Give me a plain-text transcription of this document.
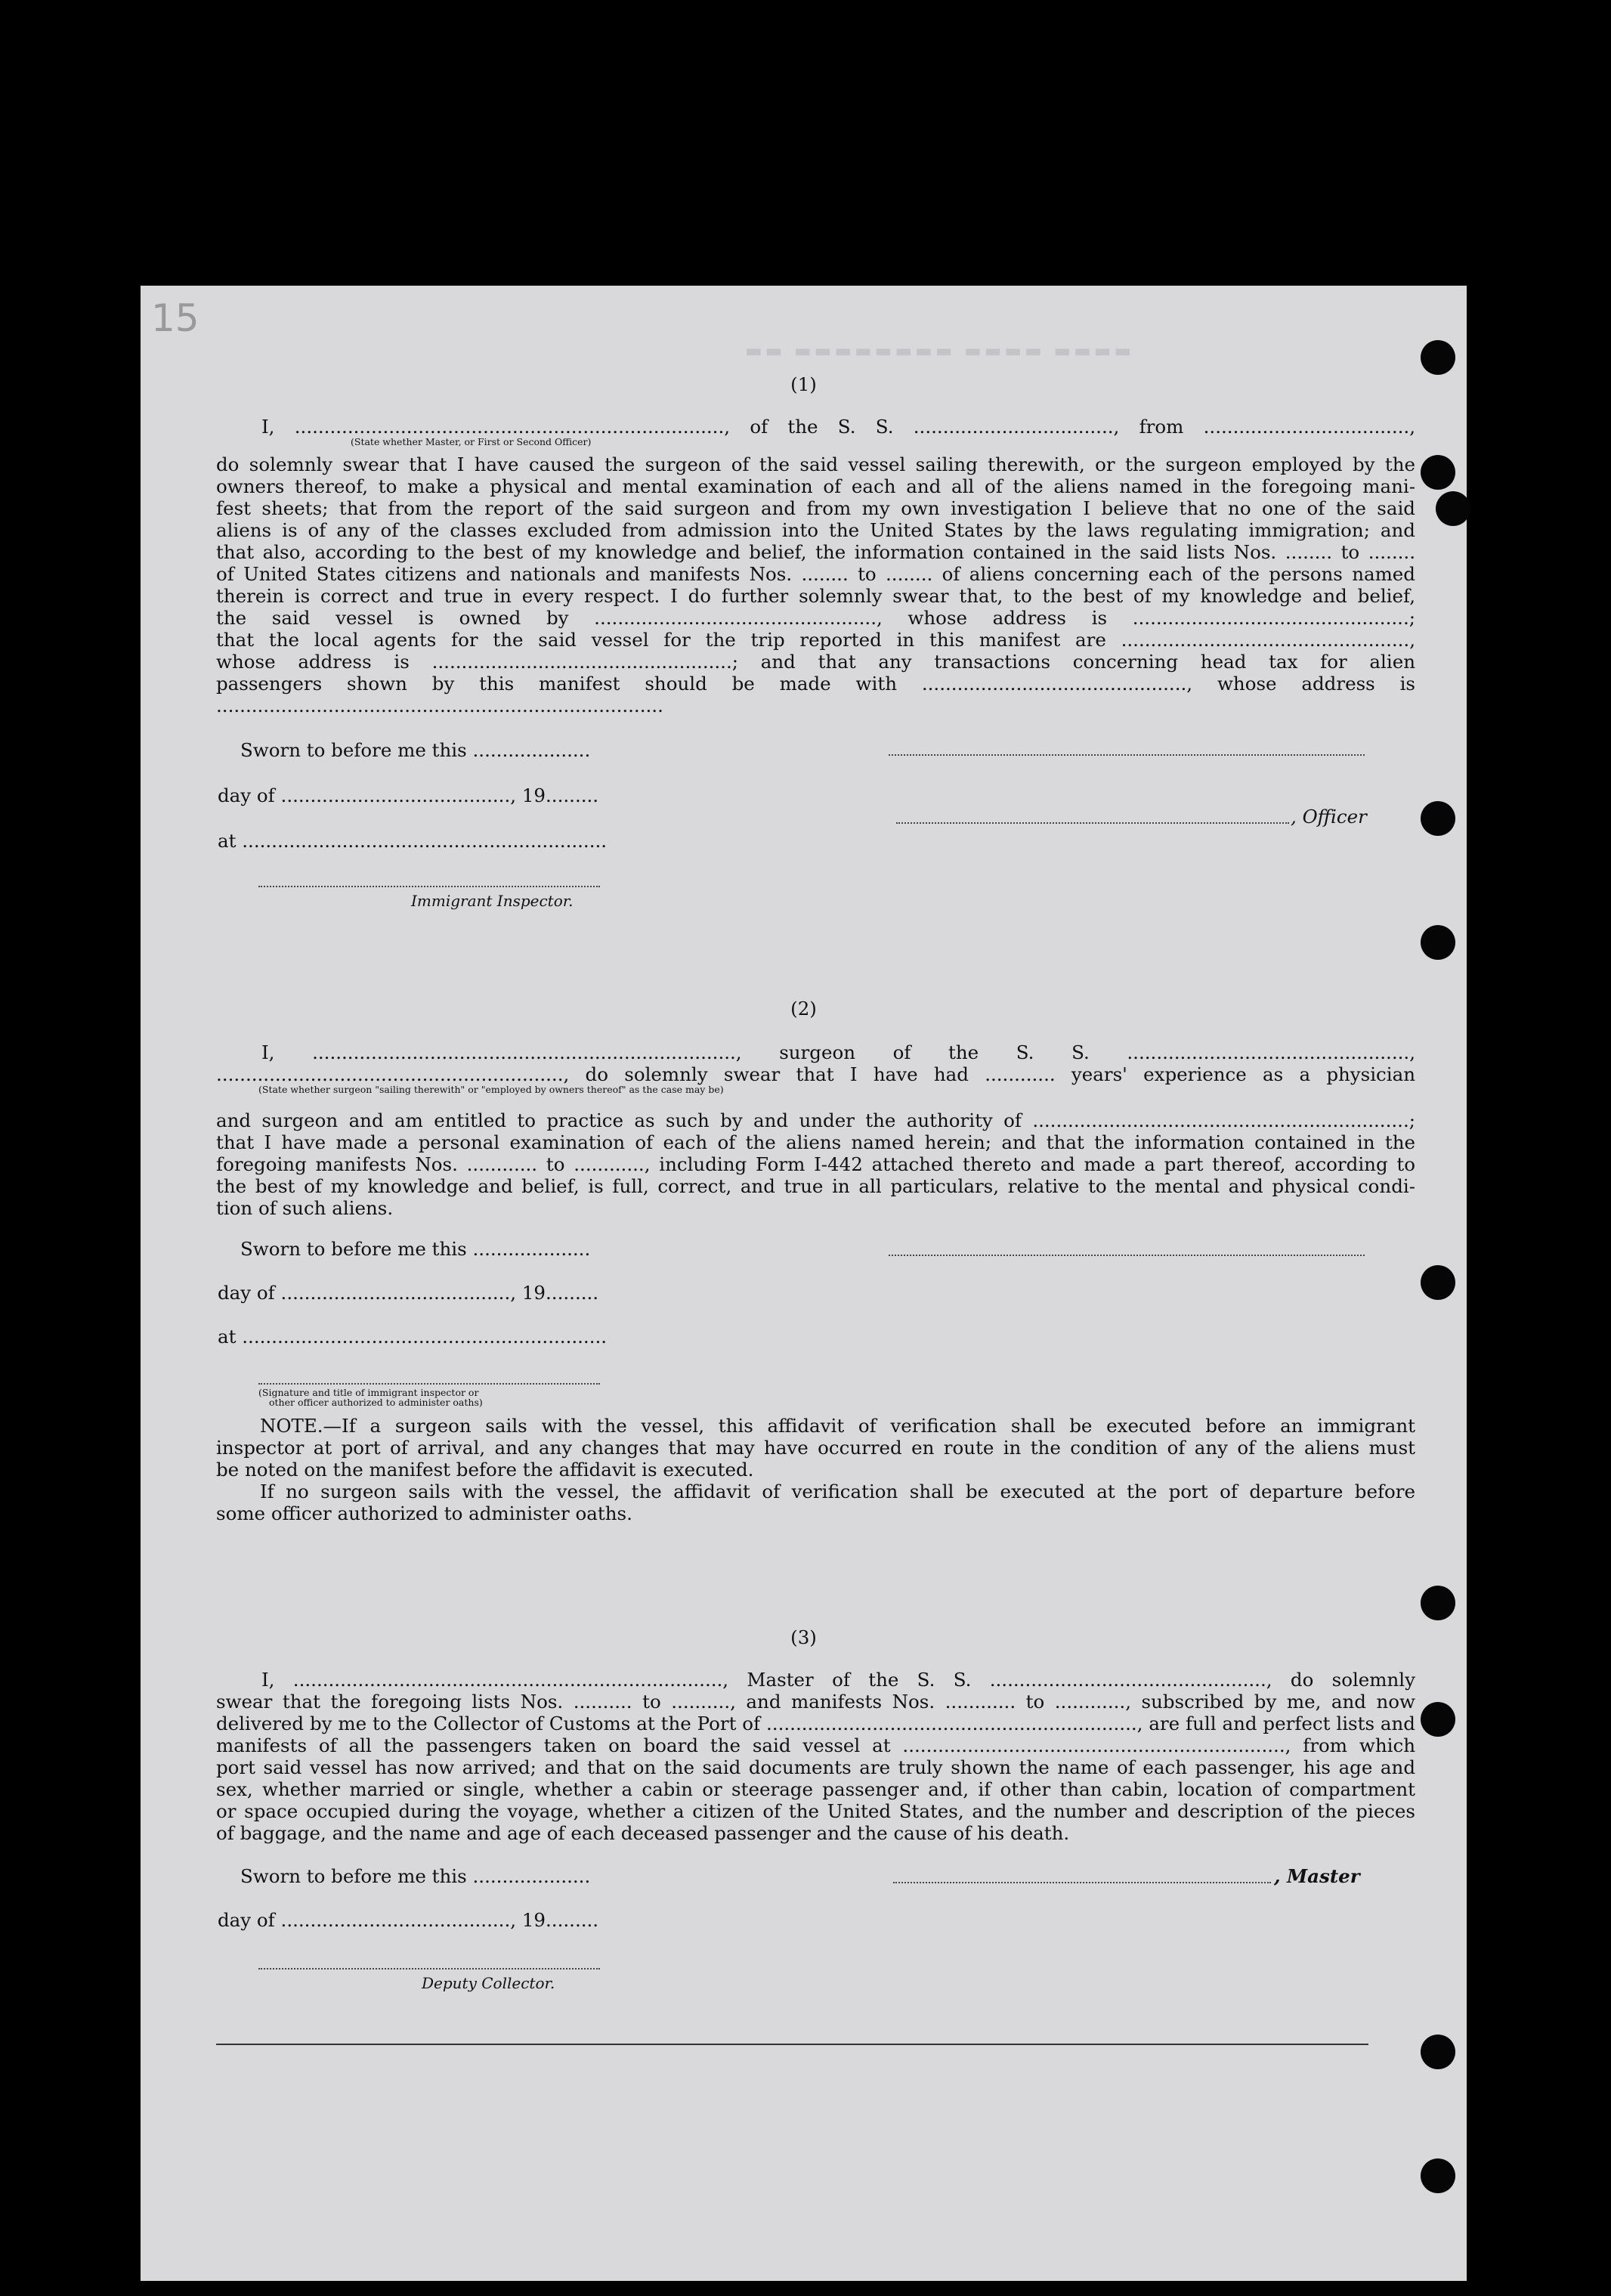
15
▬▬ ▬▬▬▬▬▬▬▬ ▬▬▬▬ ▬▬▬▬
(1)
I, ........................................................................., of the S. S. .................................., from ...................................,
(State whether Master, or First or Second Officer)
do solemnly swear that I have caused the surgeon of the said vessel sailing therewith, or the surgeon employed by the
owners thereof, to make a physical and mental examination of each and all of the aliens named in the foregoing mani-
fest sheets; that from the report of the said surgeon and from my own investigation I believe that no one of the said
aliens is of any of the classes excluded from admission into the United States by the laws regulating immigration; and
that also, according to the best of my knowledge and belief, the information contained in the said lists Nos. ........ to ........
of United States citizens and nationals and manifests Nos. ........ to ........ of aliens concerning each of the persons named
therein is correct and true in every respect. I do further solemnly swear that, to the best of my knowledge and belief,
the said vessel is owned by ................................................, whose address is ...............................................;
that the local agents for the said vessel for the trip reported in this manifest are .................................................,
whose address is ...................................................; and that any transactions concerning head tax for alien
passengers shown by this manifest should be made with ............................................., whose address is
............................................................................
Sworn to before me this ....................
day of ......................................., 19.........
, Officer
at ..............................................................
Immigrant Inspector.
(2)
I, ........................................................................, surgeon of the S. S. ................................................,
..........................................................., do solemnly swear that I have had ............ years' experience as a physician
(State whether surgeon "sailing therewith" or "employed by owners thereof" as the case may be)
and surgeon and am entitled to practice as such by and under the authority of ................................................................;
that I have made a personal examination of each of the aliens named herein; and that the information contained in the
foregoing manifests Nos. ............ to ............, including Form I-442 attached thereto and made a part thereof, according to
the best of my knowledge and belief, is full, correct, and true in all particulars, relative to the mental and physical condi-
tion of such aliens.
Sworn to before me this ....................
day of ......................................., 19.........
at ..............................................................
(Signature and title of immigrant inspector or
other officer authorized to administer oaths)
NOTE.—If a surgeon sails with the vessel, this affidavit of verification shall be executed before an immigrant
inspector at port of arrival, and any changes that may have occurred en route in the condition of any of the aliens must
be noted on the manifest before the affidavit is executed.
If no surgeon sails with the vessel, the affidavit of verification shall be executed at the port of departure before
some officer authorized to administer oaths.
(3)
I, ........................................................................., Master of the S. S. ..............................................., do solemnly
swear that the foregoing lists Nos. .......... to .........., and manifests Nos. ............ to ............, subscribed by me, and now
delivered by me to the Collector of Customs at the Port of ..............................................................., are full and perfect lists and
manifests of all the passengers taken on board the said vessel at ................................................................., from which
port said vessel has now arrived; and that on the said documents are truly shown the name of each passenger, his age and
sex, whether married or single, whether a cabin or steerage passenger and, if other than cabin, location of compartment
or space occupied during the voyage, whether a citizen of the United States, and the number and description of the pieces
of baggage, and the name and age of each deceased passenger and the cause of his death.
Sworn to before me this ....................	, Master
day of ......................................., 19.........
Deputy Collector.
